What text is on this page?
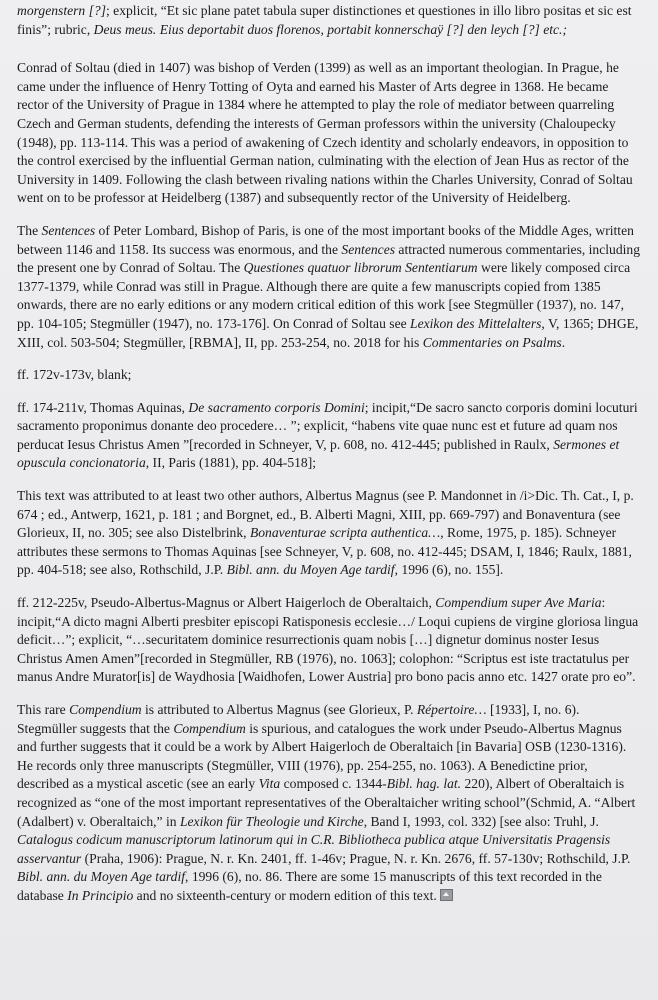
morgenstern [?]; explicit, “Et sic plane patet tabula super distinctiones et questiones in illo libro positas et sic est finis”; rubric, Deus meus. Eius deportabit duos florenos, portabit konnerschaÿ [?] den leych [?] etc.;

Conrad of Soltau (died in 1407) was bishop of Verden (1399) as well as an important theologian. In Prague, he came under the influence of Henry Totting of Oyta and earned his Master of Arts degree in 1368. He became rector of the University of Prague in 1384 where he attempted to play the role of mediator between quarreling Czech and German students, defending the interests of German professors within the university (Chaloupecky (1948), pp. 113-114. This was a period of awakening of Czech identity and scholarly endeavors, in opposition to the control exercised by the influential German nation, culminating with the election of Jean Hus as rector of the University in 1409. Following the clash between rivaling nations within the Charles University, Conrad of Soltau went on to be professor at Heidelberg (1387) and subsequently rector of the University of Heidelberg.

The Sentences of Peter Lombard, Bishop of Paris, is one of the most important books of the Middle Ages, written between 1146 and 1158. Its success was enormous, and the Sentences attracted numerous commentaries, including the present one by Conrad of Soltau. The Questiones quatuor librorum Sententiarum were likely composed circa 1377-1379, while Conrad was still in Prague. Although there are quite a few manuscripts copied from 1385 onwards, there are no early editions or any modern critical edition of this work [see Stegmüller (1937), no. 147, pp. 104-105; Stegmüller (1947), no. 173-176]. On Conrad of Soltau see Lexikon des Mittelalters, V, 1365; DHGE, XIII, col. 503-504; Stegmüller, [RBMA], II, pp. 253-254, no. 2018 for his Commentaries on Psalms.

ff. 172v-173v, blank;

ff. 174-211v, Thomas Aquinas, De sacramento corporis Domini; incipit,“De sacro sancto corporis domini locuturi sacramento proponimus donante deo procedere… ”; explicit, “habens vite quae nunc est et future ad quam nos perducat Iesus Christus Amen ”[recorded in Schneyer, V, p. 608, no. 412-445; published in Raulx, Sermones et opuscula concionatoria, II, Paris (1881), pp. 404-518];

This text was attributed to at least two other authors, Albertus Magnus (see P. Mandonnet in /i>Dic. Th. Cat., I, p. 674 ; ed., Antwerp, 1621, p. 181 ; and Borgnet, ed., B. Alberti Magni, XIII, pp. 669-797) and Bonaventura (see Glorieux, II, no. 305; see also Distelbrink, Bonaventurae scripta authentica…, Rome, 1975, p. 185). Schneyer attributes these sermons to Thomas Aquinas [see Schneyer, V, p. 608, no. 412-445; DSAM, I, 1846; Raulx, 1881, pp. 404-518; see also, Rothschild, J.P. Bibl. ann. du Moyen Age tardif, 1996 (6), no. 155].

ff. 212-225v, Pseudo-Albertus-Magnus or Albert Haigerloch de Oberaltaich, Compendium super Ave Maria: incipit,“A dicto magni Alberti presbiter episcopi Ratisponesis ecclesie…/ Loqui cupiens de virgine gloriosa lingua deficit…”; explicit, “…securitatem dominice resurrectionis quam nobis […] dignetur dominus noster Iesus Christus Amen Amen”[recorded in Stegmüller, RB (1976), no. 1063]; colophon: “Scriptus est iste tractatulus per manus Andre Murator[is] de Waydhosia [Waidhofen, Lower Austria] pro bono pacis anno etc. 1427 orate pro eo”.

This rare Compendium is attributed to Albertus Magnus (see Glorieux, P. Répertoire… [1933], I, no. 6). Stegmüller suggests that the Compendium is spurious, and catalogues the work under Pseudo-Albertus Magnus and further suggests that it could be a work by Albert Haigerloch de Oberaltaich [in Bavaria] OSB (1230-1316). He records only three manuscripts (Stegmüller, VIII (1976), pp. 254-255, no. 1063). A Benedictine prior, described as a mystical ascetic (see an early Vita composed c. 1344-Bibl. hag. lat. 220), Albert of Oberaltaich is recognized as “one of the most important representatives of the Oberaltaicher writing school”(Schmid, A. “Albert (Adalbert) v. Oberaltaich,” in Lexikon für Theologie und Kirche, Band I, 1993, col. 332) [see also: Truhl, J. Catalogus codicum manuscriptorum latinorum qui in C.R. Bibliotheca publica atque Universitatis Pragensis asservantur (Praha, 1906): Prague, N. r. Kn. 2401, ff. 1-46v; Prague, N. r. Kn. 2676, ff. 57-130v; Rothschild, J.P. Bibl. ann. du Moyen Age tardif, 1996 (6), no. 86. There are some 15 manuscripts of this text recorded in the database In Principio and no sixteenth-century or modern edition of this text.
